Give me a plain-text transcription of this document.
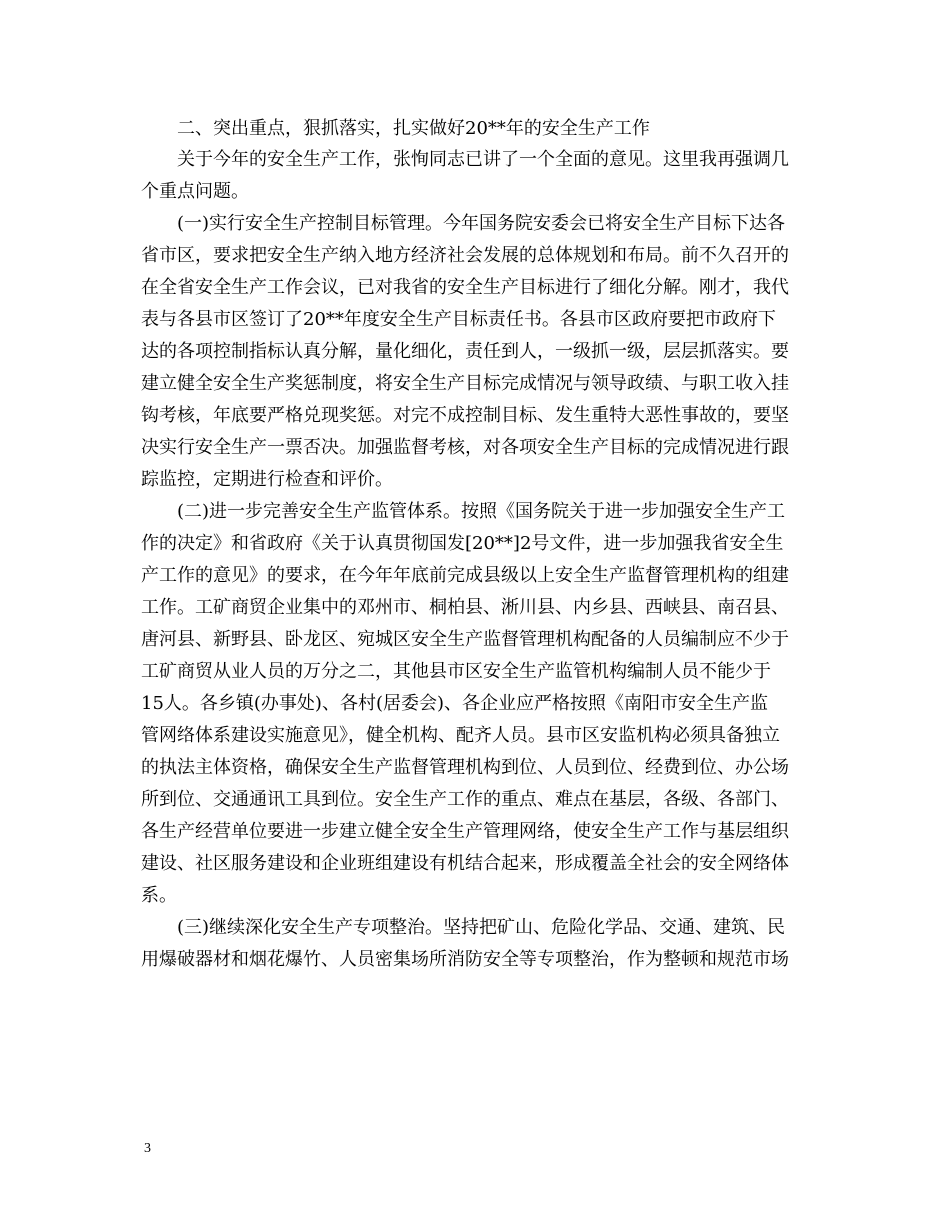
二、突出重点，狠抓落实，扎实做好20**年的安全生产工作

关于今年的安全生产工作，张恂同志已讲了一个全面的意见。这里我再强调几

个重点问题。

(一)实行安全生产控制目标管理。今年国务院安委会已将安全生产目标下达各

省市区，要求把安全生产纳入地方经济社会发展的总体规划和布局。前不久召开的

在全省安全生产工作会议，已对我省的安全生产目标进行了细化分解。刚才，我代

表与各县市区签订了20**年度安全生产目标责任书。各县市区政府要把市政府下

达的各项控制指标认真分解，量化细化，责任到人，一级抓一级，层层抓落实。要

建立健全安全生产奖惩制度，将安全生产目标完成情况与领导政绩、与职工收入挂

钩考核，年底要严格兑现奖惩。对完不成控制目标、发生重特大恶性事故的，要坚

决实行安全生产一票否决。加强监督考核，对各项安全生产目标的完成情况进行跟

踪监控，定期进行检查和评价。

(二)进一步完善安全生产监管体系。按照《国务院关于进一步加强安全生产工

作的决定》和省政府《关于认真贯彻国发[20**]2号文件，进一步加强我省安全生

产工作的意见》的要求，在今年年底前完成县级以上安全生产监督管理机构的组建

工作。工矿商贸企业集中的邓州市、桐柏县、淅川县、内乡县、西峡县、南召县、

唐河县、新野县、卧龙区、宛城区安全生产监督管理机构配备的人员编制应不少于

工矿商贸从业人员的万分之二，其他县市区安全生产监管机构编制人员不能少于

15人。各乡镇(办事处)、各村(居委会)、各企业应严格按照《南阳市安全生产监

管网络体系建设实施意见》，健全机构、配齐人员。县市区安监机构必须具备独立

的执法主体资格，确保安全生产监督管理机构到位、人员到位、经费到位、办公场

所到位、交通通讯工具到位。安全生产工作的重点、难点在基层，各级、各部门、

各生产经营单位要进一步建立健全安全生产管理网络，使安全生产工作与基层组织

建设、社区服务建设和企业班组建设有机结合起来，形成覆盖全社会的安全网络体

系。

(三)继续深化安全生产专项整治。坚持把矿山、危险化学品、交通、建筑、民

用爆破器材和烟花爆竹、人员密集场所消防安全等专项整治，作为整顿和规范市场

3
